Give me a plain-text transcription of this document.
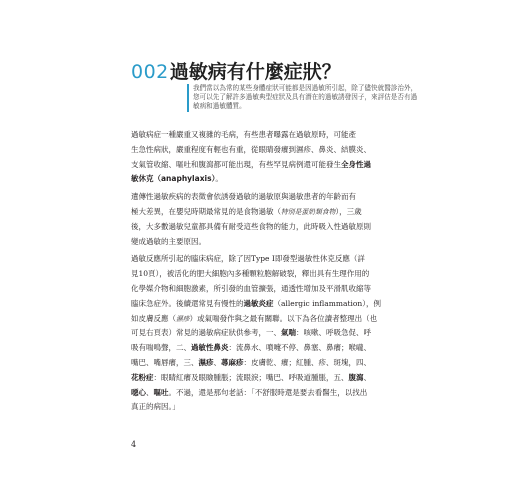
002過敏病有什麼症狀？

我們當以為常的某些身體症狀可能都是因過敏所引起，除了儘快就醫診治外，

您可以先了解許多過敏典型症狀及具有潛在的過敏誘發因子，來評估是否有過

敏病和過敏體質。

過敏病症一種嚴重又複雜的毛病，有些患者曝露在過敏原時，可能產
生急性病狀，嚴重程度有輕也有重，從眼睛發癢到濕疹、鼻炎、結膜炎、
支氣管收縮、嘔吐和腹瀉都可能出現，有些罕見病例還可能發生全身性過
敏休克（anaphylaxis）。
遺傳性過敏疾病的表徵會依誘發過敏的過敏原與過敏患者的年齡而有
極大差異，在嬰兒時期最常見的是食物過敏（特別是蛋奶類食物），三歲
後，大多數過敏兒童都具備有耐受這些食物的能力，此時吸入性過敏原則
變成過敏的主要原因。
過敏反應所引起的臨床病症，除了因Type I即發型過敏性休克反應（詳
見10頁），被活化的肥大細胞內多種顆粒胞解破裂，釋出具有生理作用的
化學媒介物和細胞激素，所引發的血管擴張，通透性增加及平滑肌收縮等
臨床急症外。後續還常見有慢性的過敏炎症（allergic inflammation），例
如皮膚反應（濕疹）或氣喘發作與之最有關聯。以下為各位讀者整理出（也
可見右頁表）常見的過敏病症狀供參考，一、氣喘：咳嗽、呼吸急促、呼
吸有喘鳴聲，二、過敏性鼻炎：流鼻水、噴嚏不停、鼻塞、鼻癢；喉嚨、
嘴巴、嘴唇癢，三、濕疹、蕁麻疹：皮膚乾、癢；紅腫、疹、斑塊，四、
花粉症：眼睛紅癢及眼瞼腫脹；流眼淚；嘴巴、呼吸道腫脹，五、腹瀉、
噁心、嘔吐。不過，還是那句老話：「不舒服時還是要去看醫生，以找出
真正的病因。」
4
